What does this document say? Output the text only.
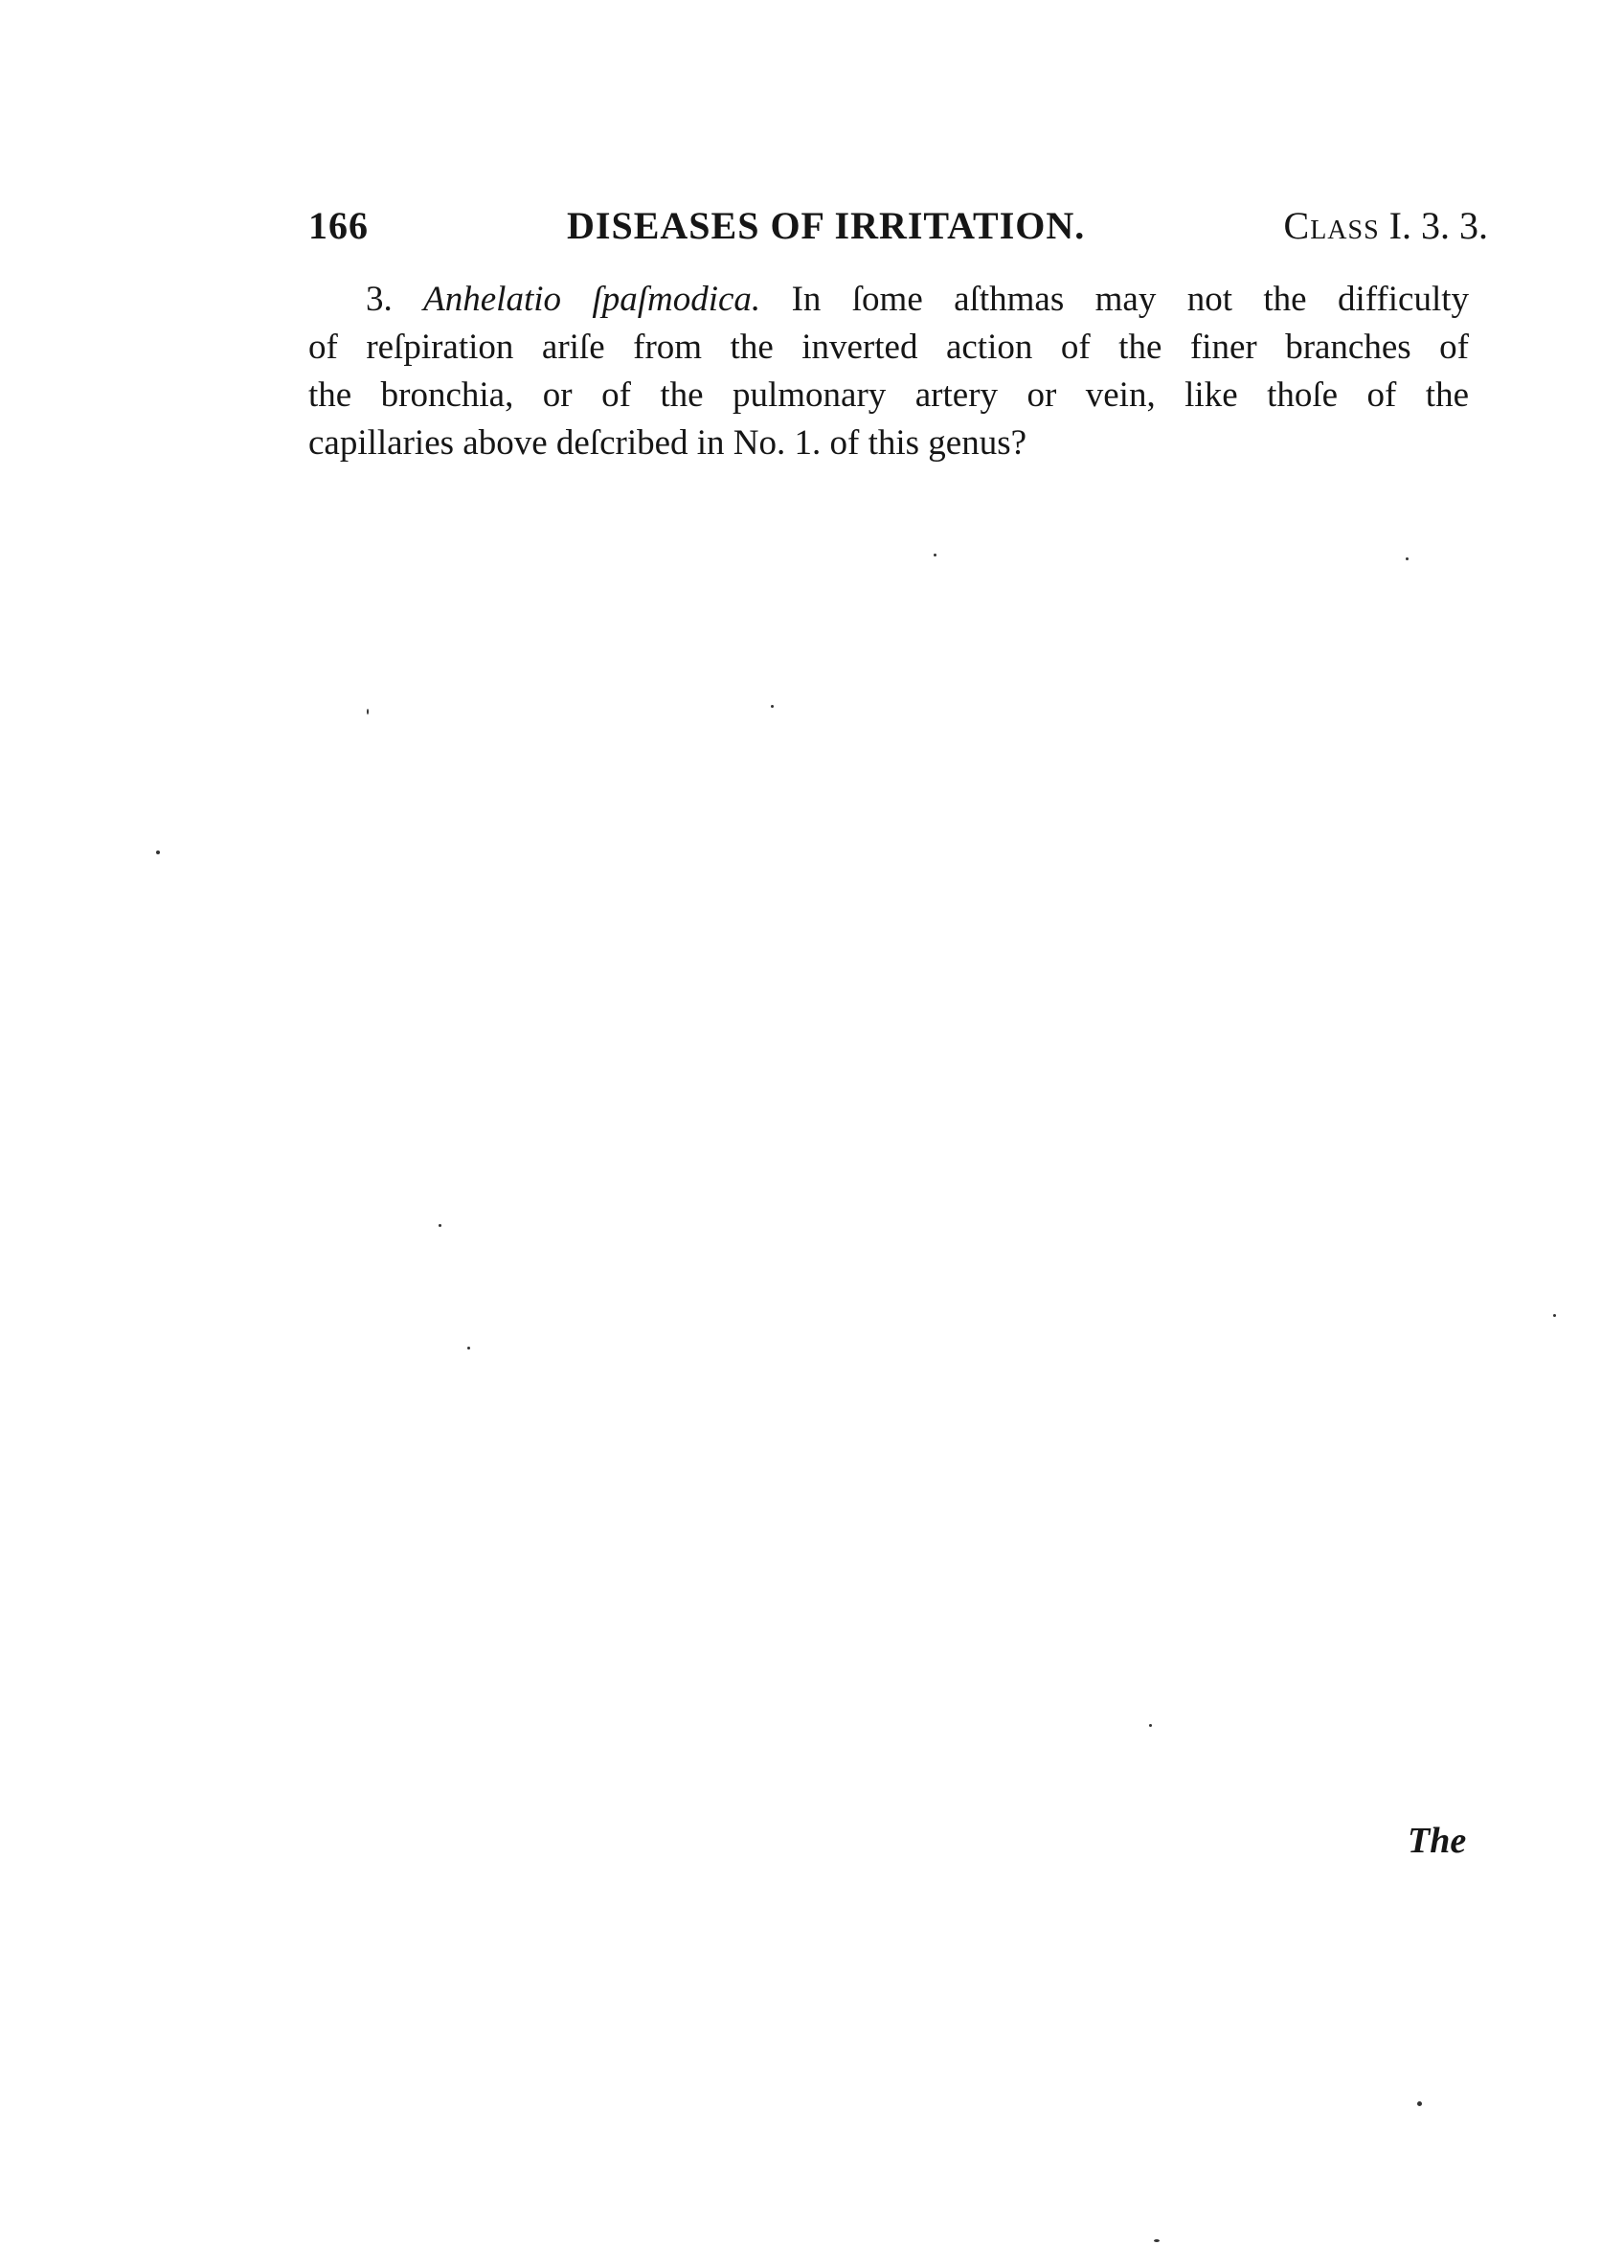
166	DISEASES OF IRRITATION.	Class I. 3. 3.
3. Anhelatio ſpaſmodica. In ſome aſthmas may not the difficulty
of reſpiration ariſe from the inverted action of the finer branches of
the bronchia, or of the pulmonary artery or vein, like thoſe of the
capillaries above deſcribed in No. 1. of this genus?
The
